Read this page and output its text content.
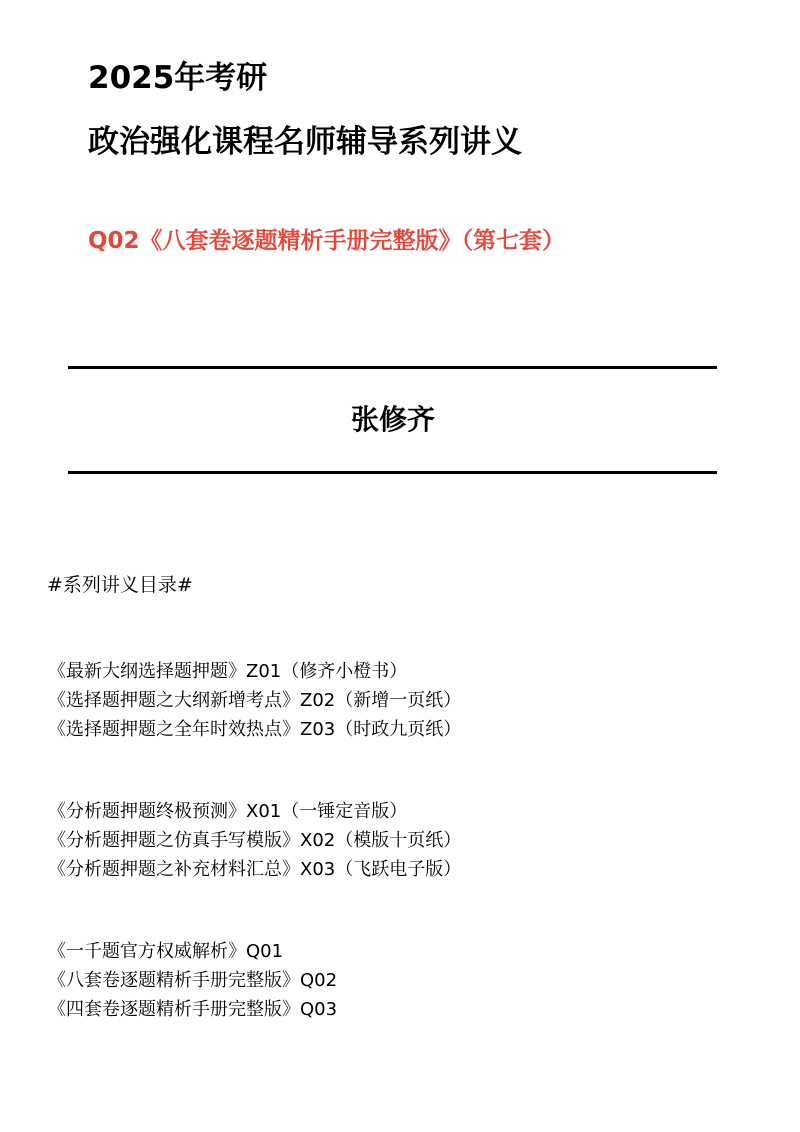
2025年考研
政治强化课程名师辅导系列讲义
Q02《八套卷逐题精析手册完整版》（第七套）
张修齐
#系列讲义目录#
《最新大纲选择题押题》Z01（修齐小橙书）
《选择题押题之大纲新增考点》Z02（新增一页纸）
《选择题押题之全年时效热点》Z03（时政九页纸）
《分析题押题终极预测》X01（一锤定音版）
《分析题押题之仿真手写模版》X02（模版十页纸）
《分析题押题之补充材料汇总》X03（飞跃电子版）
《一千题官方权威解析》Q01
《八套卷逐题精析手册完整版》Q02
《四套卷逐题精析手册完整版》Q03
